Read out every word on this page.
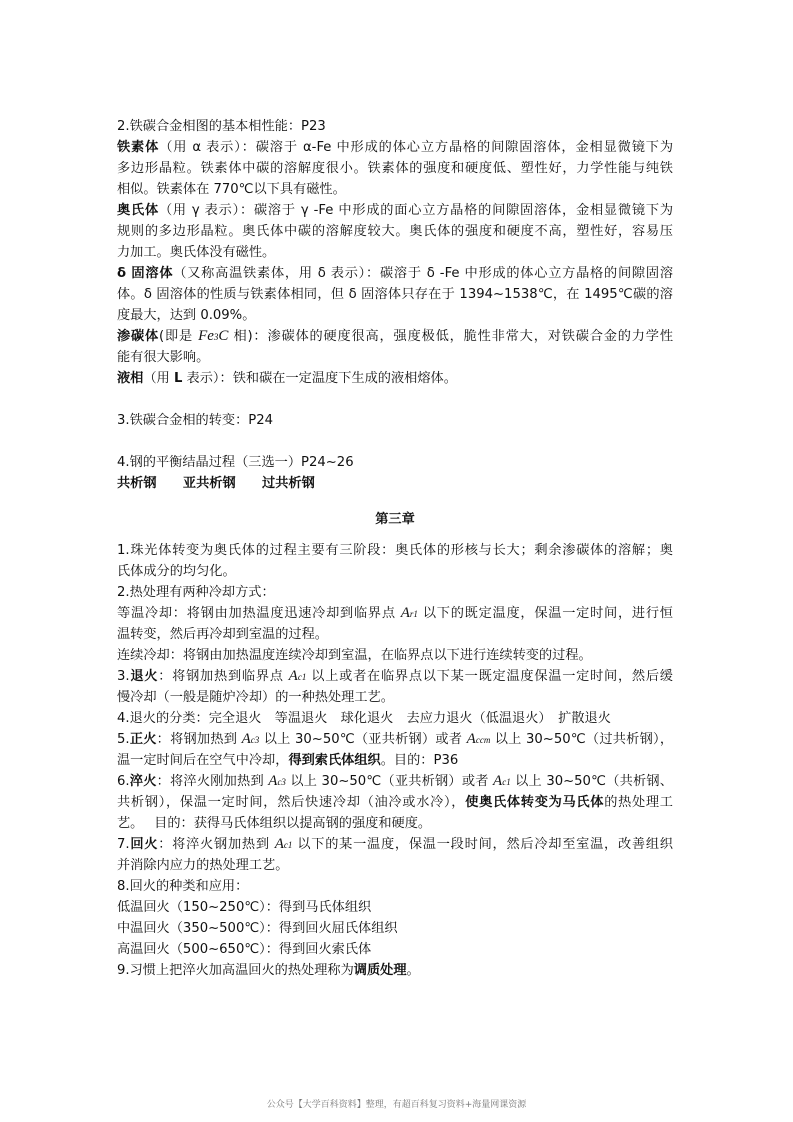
2.铁碳合金相图的基本相性能：P23
铁素体（用 α 表示）：碳溶于 α-Fe 中形成的体心立方晶格的间隙固溶体，金相显微镜下为
多边形晶粒。铁素体中碳的溶解度很小。铁素体的强度和硬度低、塑性好，力学性能与纯铁
相似。铁素体在 770℃以下具有磁性。
奥氏体（用 γ 表示）：碳溶于 γ -Fe 中形成的面心立方晶格的间隙固溶体，金相显微镜下为
规则的多边形晶粒。奥氏体中碳的溶解度较大。奥氏体的强度和硬度不高，塑性好，容易压
力加工。奥氏体没有磁性。
δ 固溶体（又称高温铁素体，用 δ 表示）：碳溶于 δ -Fe 中形成的体心立方晶格的间隙固溶
体。δ 固溶体的性质与铁素体相同，但 δ 固溶体只存在于 1394~1538℃，在 1495℃碳的溶
度最大，达到 0.09%。
渗碳体(即是 Fe3C 相)：渗碳体的硬度很高，强度极低，脆性非常大，对铁碳合金的力学性
能有很大影响。
液相（用 L 表示）：铁和碳在一定温度下生成的液相熔体。
3.铁碳合金相的转变：P24
4.钢的平衡结晶过程（三选一）P24~26
共析钢　　亚共析钢　　过共析钢
第三章
1.珠光体转变为奥氏体的过程主要有三阶段：奥氏体的形核与长大；剩余渗碳体的溶解；奥
氏体成分的均匀化。
2.热处理有两种冷却方式：
等温冷却：将钢由加热温度迅速冷却到临界点 Ar1 以下的既定温度，保温一定时间，进行恒
温转变，然后再冷却到室温的过程。
连续冷却：将钢由加热温度连续冷却到室温，在临界点以下进行连续转变的过程。
3.退火：将钢加热到临界点 Ac1 以上或者在临界点以下某一既定温度保温一定时间，然后缓
慢冷却（一般是随炉冷却）的一种热处理工艺。
4.退火的分类：完全退火　等温退火　球化退火　去应力退火（低温退火）　扩散退火
5.正火：将钢加热到 Ac3 以上 30~50℃（亚共析钢）或者 Accm 以上 30~50℃（过共析钢），
温一定时间后在空气中冷却，得到索氏体组织。目的：P36
6.淬火：将淬火刚加热到 Ac3 以上 30~50℃（亚共析钢）或者 Ac1 以上 30~50℃（共析钢、
共析钢），保温一定时间，然后快速冷却（油冷或水冷），使奥氏体转变为马氏体的热处理工
艺。　 目的：获得马氏体组织以提高钢的强度和硬度。
7.回火：将淬火钢加热到 Ac1 以下的某一温度，保温一段时间，然后冷却至室温，改善组织
并消除内应力的热处理工艺。
8.回火的种类和应用：
低温回火（150~250℃）：得到马氏体组织
中温回火（350~500℃）：得到回火屈氏体组织
高温回火（500~650℃）：得到回火索氏体
9.习惯上把淬火加高温回火的热处理称为调质处理。
公众号【大学百科资料】整理，有超百科复习资料+海量网课资源
